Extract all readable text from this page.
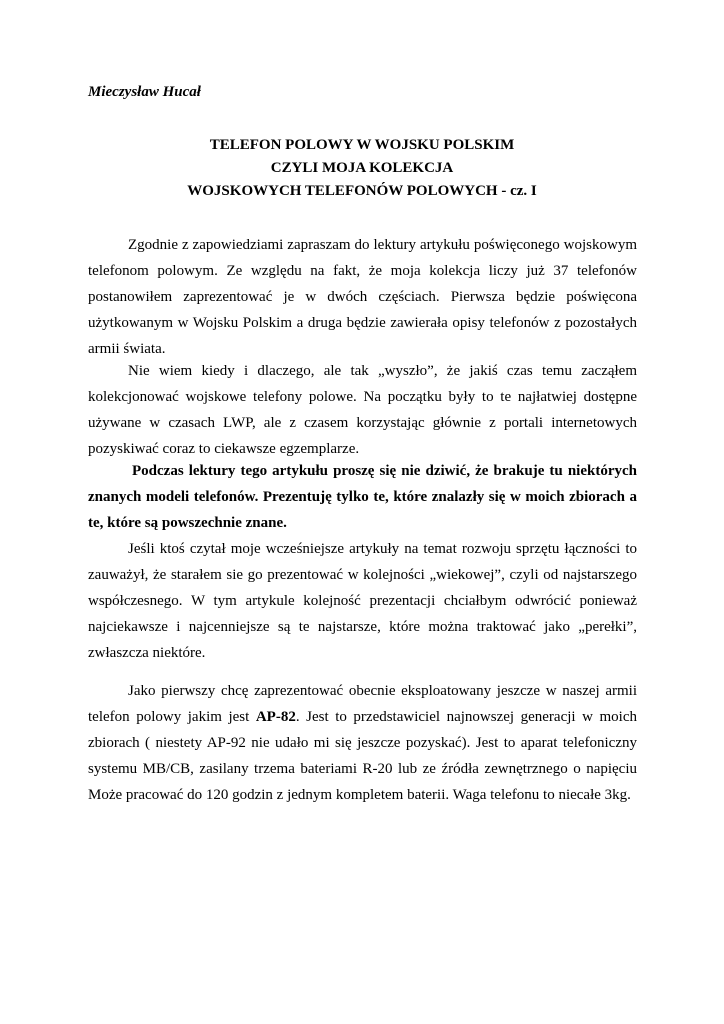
Mieczysław Hucał
TELEFON POLOWY W WOJSKU POLSKIM
CZYLI MOJA KOLEKCJA
WOJSKOWYCH TELEFONÓW POLOWYCH - cz. I
Zgodnie z zapowiedziami zapraszam do lektury artykułu poświęconego wojskowym
telefonom polowym. Ze względu na fakt, że moja kolekcja liczy już 37 telefonów
postanowiłem zaprezentować je w dwóch częściach. Pierwsza będzie poświęcona
użytkowanym w Wojsku Polskim a druga będzie zawierała opisy telefonów z pozostałych
armii świata.
Nie wiem kiedy i dlaczego, ale tak „wyszło”, że jakiś czas temu zacząłem
kolekcjonować wojskowe telefony polowe. Na początku były to te najłatwiej dostępne
używane w czasach LWP, ale z czasem korzystając głównie z portali internetowych
pozyskiwać coraz to ciekawsze egzemplarze.
Podczas lektury tego artykułu proszę się nie dziwić, że brakuje tu niektórych
znanych modeli telefonów. Prezentuję tylko te, które znalazły się w moich zbiorach a
te, które są powszechnie znane.
Jeśli ktoś czytał moje wcześniejsze artykuły na temat rozwoju sprzętu łączności to
zauważył, że starałem sie go prezentować w kolejności „wiekowej”, czyli od najstarszego
współczesnego. W tym artykule kolejność prezentacji chciałbym odwrócić ponieważ
najciekawsze i najcenniejsze są te najstarsze, które można traktować jako „perełki”,
zwłaszcza niektóre.
Jako pierwszy chcę zaprezentować obecnie eksploatowany jeszcze w naszej armii
telefon polowy jakim jest AP-82. Jest to przedstawiciel najnowszej generacji w moich
zbiorach ( niestety AP-92 nie udało mi się jeszcze pozyskać). Jest to aparat telefoniczny
systemu MB/CB, zasilany trzema bateriami R-20 lub ze źródła zewnętrznego o napięciu
Może pracować do 120 godzin z jednym kompletem baterii. Waga telefonu to niecałe 3kg.
